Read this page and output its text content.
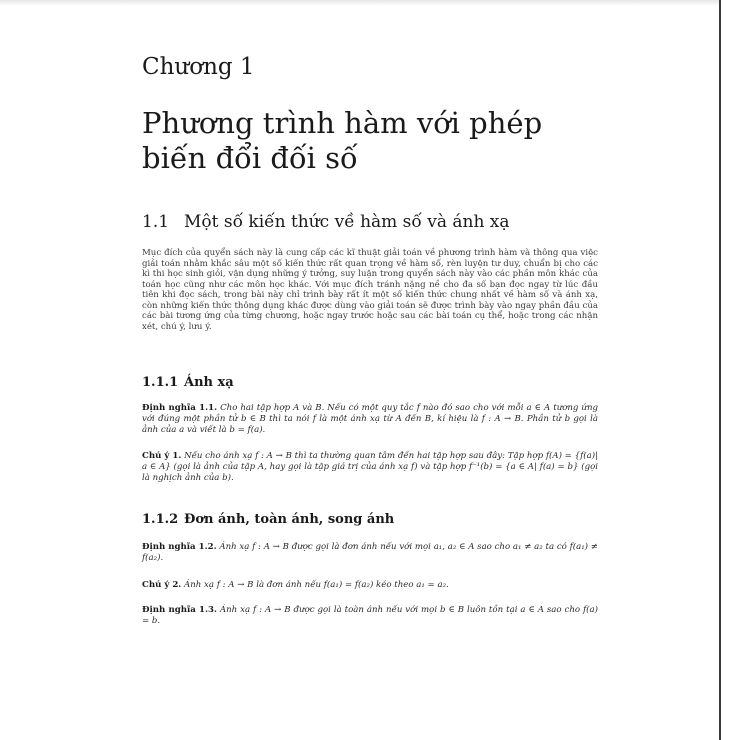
Chương 1
Phương trình hàm với phép
biến đổi đối số
1.1 Một số kiến thức về hàm số và ánh xạ
Mục đích của quyển sách này là cung cấp các kĩ thuật giải toán về phương trình hàm và thông qua việc giải toán nhằm khắc sâu một số kiến thức rất quan trọng về hàm số, rèn luyện tư duy, chuẩn bị cho các kì thi học sinh giỏi, vận dụng những ý tưởng, suy luận trong quyển sách này vào các phần môn khác của toán học cũng như các môn học khác. Với mục đích tránh nặng nề cho đa số bạn đọc ngay từ lúc đầu tiên khi đọc sách, trong bài này chỉ trình bày rất ít một số kiến thức chung nhất về hàm số và ánh xạ, còn những kiến thức thông dụng khác được dùng vào giải toán sẽ được trình bày vào ngay phần đầu của các bài tương ứng của từng chương, hoặc ngay trước hoặc sau các bài toán cụ thể, hoặc trong các nhận xét, chú ý, lưu ý.
1.1.1 Ánh xạ
Định nghĩa 1.1. Cho hai tập hợp A và B. Nếu có một quy tắc f nào đó sao cho với mỗi a ∈ A tương ứng với đúng một phần tử b ∈ B thì ta nói f là một ánh xạ từ A đến B, kí hiệu là f : A → B. Phần tử b gọi là ảnh của a và viết là b = f(a).
Chú ý 1. Nếu cho ánh xạ f : A → B thì ta thường quan tâm đến hai tập hợp sau đây: Tập hợp f(A) = {f(a)| a ∈ A} (gọi là ảnh của tập A, hay gọi là tập giá trị của ánh xạ f) và tập hợp f⁻¹(b) = {a ∈ A| f(a) = b} (gọi là nghịch ảnh của b).
1.1.2 Đơn ánh, toàn ánh, song ánh
Định nghĩa 1.2. Ánh xạ f : A → B được gọi là đơn ánh nếu với mọi a₁, a₂ ∈ A sao cho a₁ ≠ a₂ ta có f(a₁) ≠ f(a₂).
Chú ý 2. Ánh xạ f : A → B là đơn ánh nếu f(a₁) = f(a₂) kéo theo a₁ = a₂.
Định nghĩa 1.3. Ánh xạ f : A → B được gọi là toàn ánh nếu với mọi b ∈ B luôn tồn tại a ∈ A sao cho f(a) = b.
